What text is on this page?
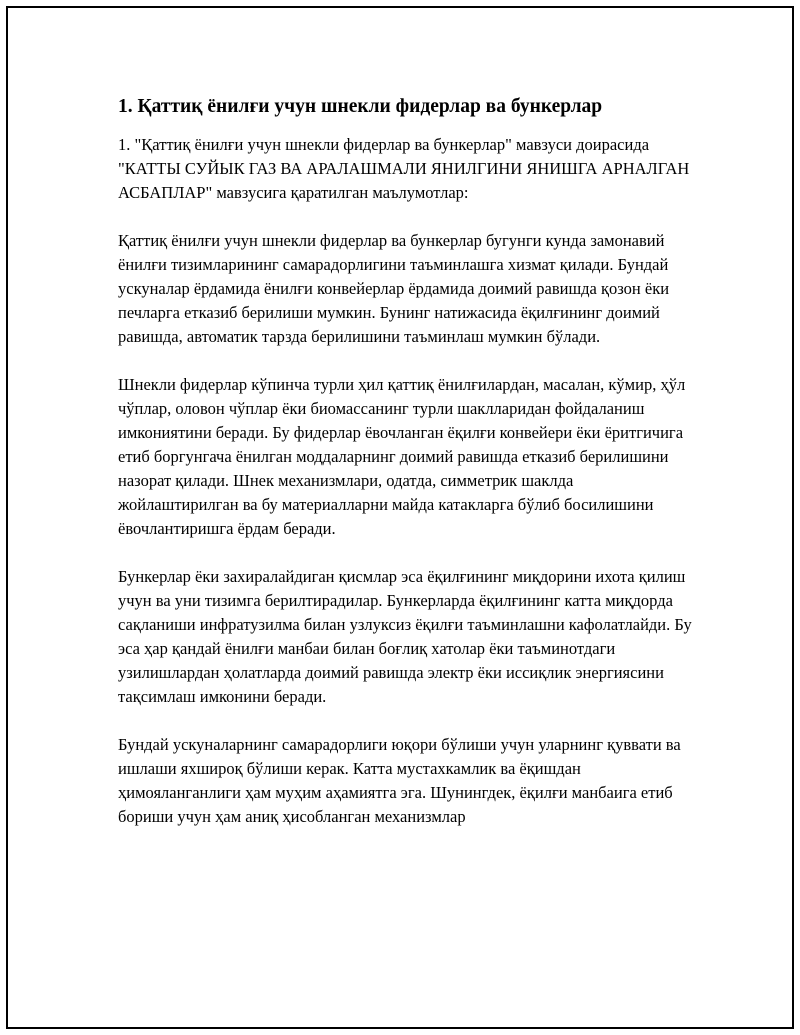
1. Қаттиқ ёнилғи учун шнекли фидерлар ва бункерлар

1. "Қаттиқ ёнилғи учун шнекли фидерлар ва бункерлар" мавзуси доирасида "КАТТЫ СУЙЫК ГАЗ ВА АРАЛАШМАЛИ ЯНИЛГИНИ ЯНИШГА АРНАЛГАН АСБАПЛАР" мавзусига қаратилган маълумотлар:

Қаттиқ ёнилғи учун шнекли фидерлар ва бункерлар бугунги кунда замонавий ёнилғи тизимларининг самарадорлигини таъминлашга хизмат қилади. Бундай ускуналар ёрдамида ёнилғи конвейерлар ёрдамида доимий равишда қозон ёки печларга етказиб берилиши мумкин. Бунинг натижасида ёқилғининг доимий равишда, автоматик тарзда берилишини таъминлаш мумкин бўлади.

Шнекли фидерлар кўпинча турли ҳил қаттиқ ёнилғилардан, масалан, кўмир, ҳўл чўплар, оловон чўплар ёки биомассанинг турли шаклларидан фойдаланиш имкониятини беради. Бу фидерлар ёвочланган ёқилғи конвейери ёки ёритгичига етиб боргунгача ёнилган моддаларнинг доимий равишда етказиб берилишини назорат қилади. Шнек механизмлари, одатда, симметрик шаклда жойлаштирилган ва бу материалларни майда катакларга бўлиб босилишини ёвочлантиришга ёрдам беради.

Бункерлар ёки захиралайдиган қисмлар эса ёқилғининг миқдорини ихота қилиш учун ва уни тизимга берилтирадилар. Бункерларда ёқилғининг катта миқдорда сақланиши инфратузилма билан узлуксиз ёқилғи таъминлашни кафолатлайди. Бу эса ҳар қандай ёнилғи манбаи билан боғлиқ хатолар ёки таъминотдаги узилишлардан ҳолатларда доимий равишда электр ёки иссиқлик энергиясини тақсимлаш имконини беради.

Бундай ускуналарнинг самарадорлиги юқори бўлиши учун уларнинг қуввати ва ишлаши яхшироқ бўлиши керак. Катта мустахкамлик ва ёқишдан ҳимояланганлиги ҳам муҳим аҳамиятга эга. Шунингдек, ёқилғи манбаига етиб бориши учун ҳам аниқ ҳисобланган механизмлар
